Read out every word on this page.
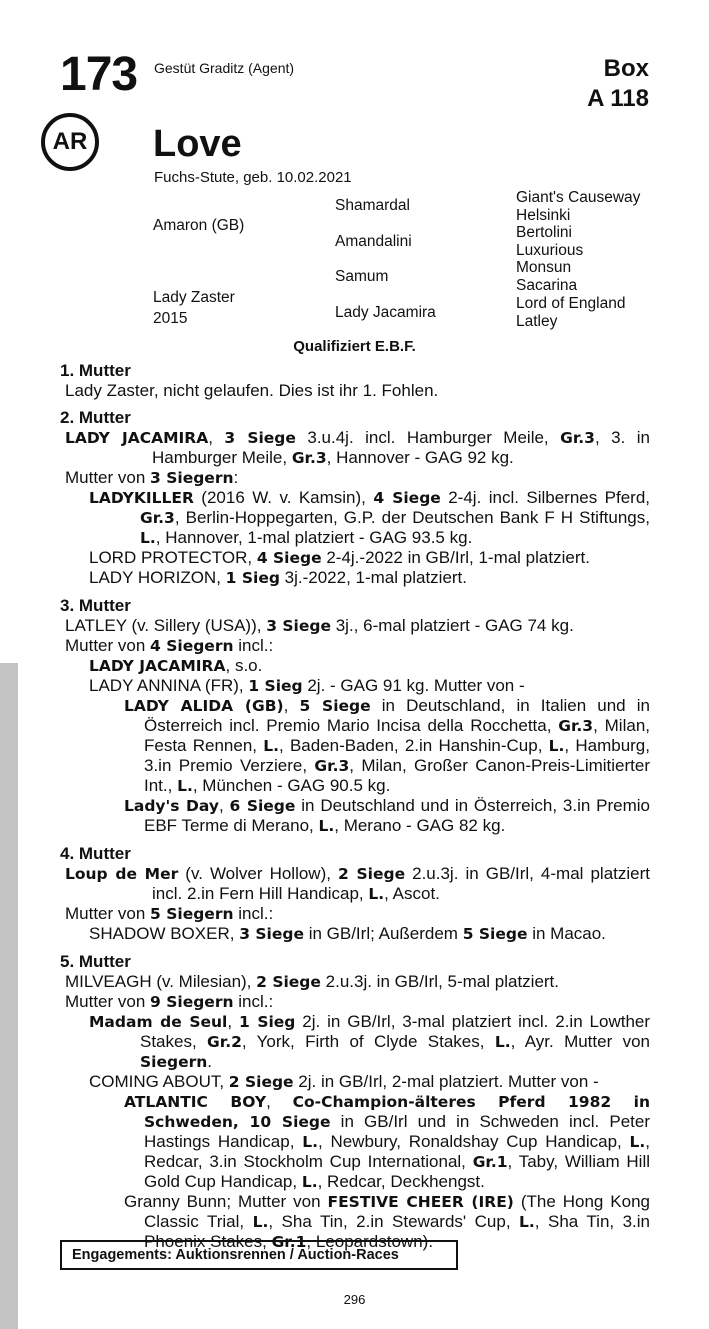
173 Gestüt Graditz (Agent)	Box
A 118
AR	Love
Fuchs-Stute, geb. 10.02.2021
Amaron (GB)
Lady Zaster
2015
Shamardal
Amandalini
Samum
Lady Jacamira
Giant's Causeway
Helsinki
Bertolini
Luxurious
Monsun
Sacarina
Lord of England
Latley
Qualifiziert E.B.F.
1. Mutter
Lady Zaster, nicht gelaufen. Dies ist ihr 1. Fohlen.
2. Mutter
LADY JACAMIRA, 3 Siege 3.u.4j. incl. Hamburger Meile, Gr.3, 3. in Hamburger Meile, Gr.3, Hannover - GAG 92 kg.
Mutter von 3 Siegern:
LADYKILLER (2016 W. v. Kamsin), 4 Siege 2-4j. incl. Silbernes Pferd, Gr.3, Berlin-Hoppegarten, G.P. der Deutschen Bank F H Stiftungs, L., Hannover, 1-mal platziert - GAG 93.5 kg.
LORD PROTECTOR, 4 Siege 2-4j.-2022 in GB/Irl, 1-mal platziert.
LADY HORIZON, 1 Sieg 3j.-2022, 1-mal platziert.
3. Mutter
LATLEY (v. Sillery (USA)), 3 Siege 3j., 6-mal platziert - GAG 74 kg.
Mutter von 4 Siegern incl.:
LADY JACAMIRA, s.o.
LADY ANNINA (FR), 1 Sieg 2j. - GAG 91 kg. Mutter von -
LADY ALIDA (GB), 5 Siege in Deutschland, in Italien und in Österreich incl. Premio Mario Incisa della Rocchetta, Gr.3, Milan, Festa Rennen, L., Baden-Baden, 2.in Hanshin-Cup, L., Hamburg, 3.in Premio Verziere, Gr.3, Milan, Großer Canon-Preis-Limitierter Int., L., München - GAG 90.5 kg.
Lady's Day, 6 Siege in Deutschland und in Österreich, 3.in Premio EBF Terme di Merano, L., Merano - GAG 82 kg.
4. Mutter
Loup de Mer (v. Wolver Hollow), 2 Siege 2.u.3j. in GB/Irl, 4-mal platziert incl. 2.in Fern Hill Handicap, L., Ascot.
Mutter von 5 Siegern incl.:
SHADOW BOXER, 3 Siege in GB/Irl; Außerdem 5 Siege in Macao.
5. Mutter
MILVEAGH (v. Milesian), 2 Siege 2.u.3j. in GB/Irl, 5-mal platziert.
Mutter von 9 Siegern incl.:
Madam de Seul, 1 Sieg 2j. in GB/Irl, 3-mal platziert incl. 2.in Lowther Stakes, Gr.2, York, Firth of Clyde Stakes, L., Ayr. Mutter von Siegern.
COMING ABOUT, 2 Siege 2j. in GB/Irl, 2-mal platziert. Mutter von -
ATLANTIC BOY, Co-Champion-älteres Pferd 1982 in Schweden, 10 Siege in GB/Irl und in Schweden incl. Peter Hastings Handicap, L., Newbury, Ronaldshay Cup Handicap, L., Redcar, 3.in Stockholm Cup International, Gr.1, Taby, William Hill Gold Cup Handicap, L., Redcar, Deckhengst.
Granny Bunn; Mutter von FESTIVE CHEER (IRE) (The Hong Kong Classic Trial, L., Sha Tin, 2.in Stewards' Cup, L., Sha Tin, 3.in Phoenix Stakes, Gr.1, Leopardstown).
Engagements: Auktionsrennen / Auction-Races
296
